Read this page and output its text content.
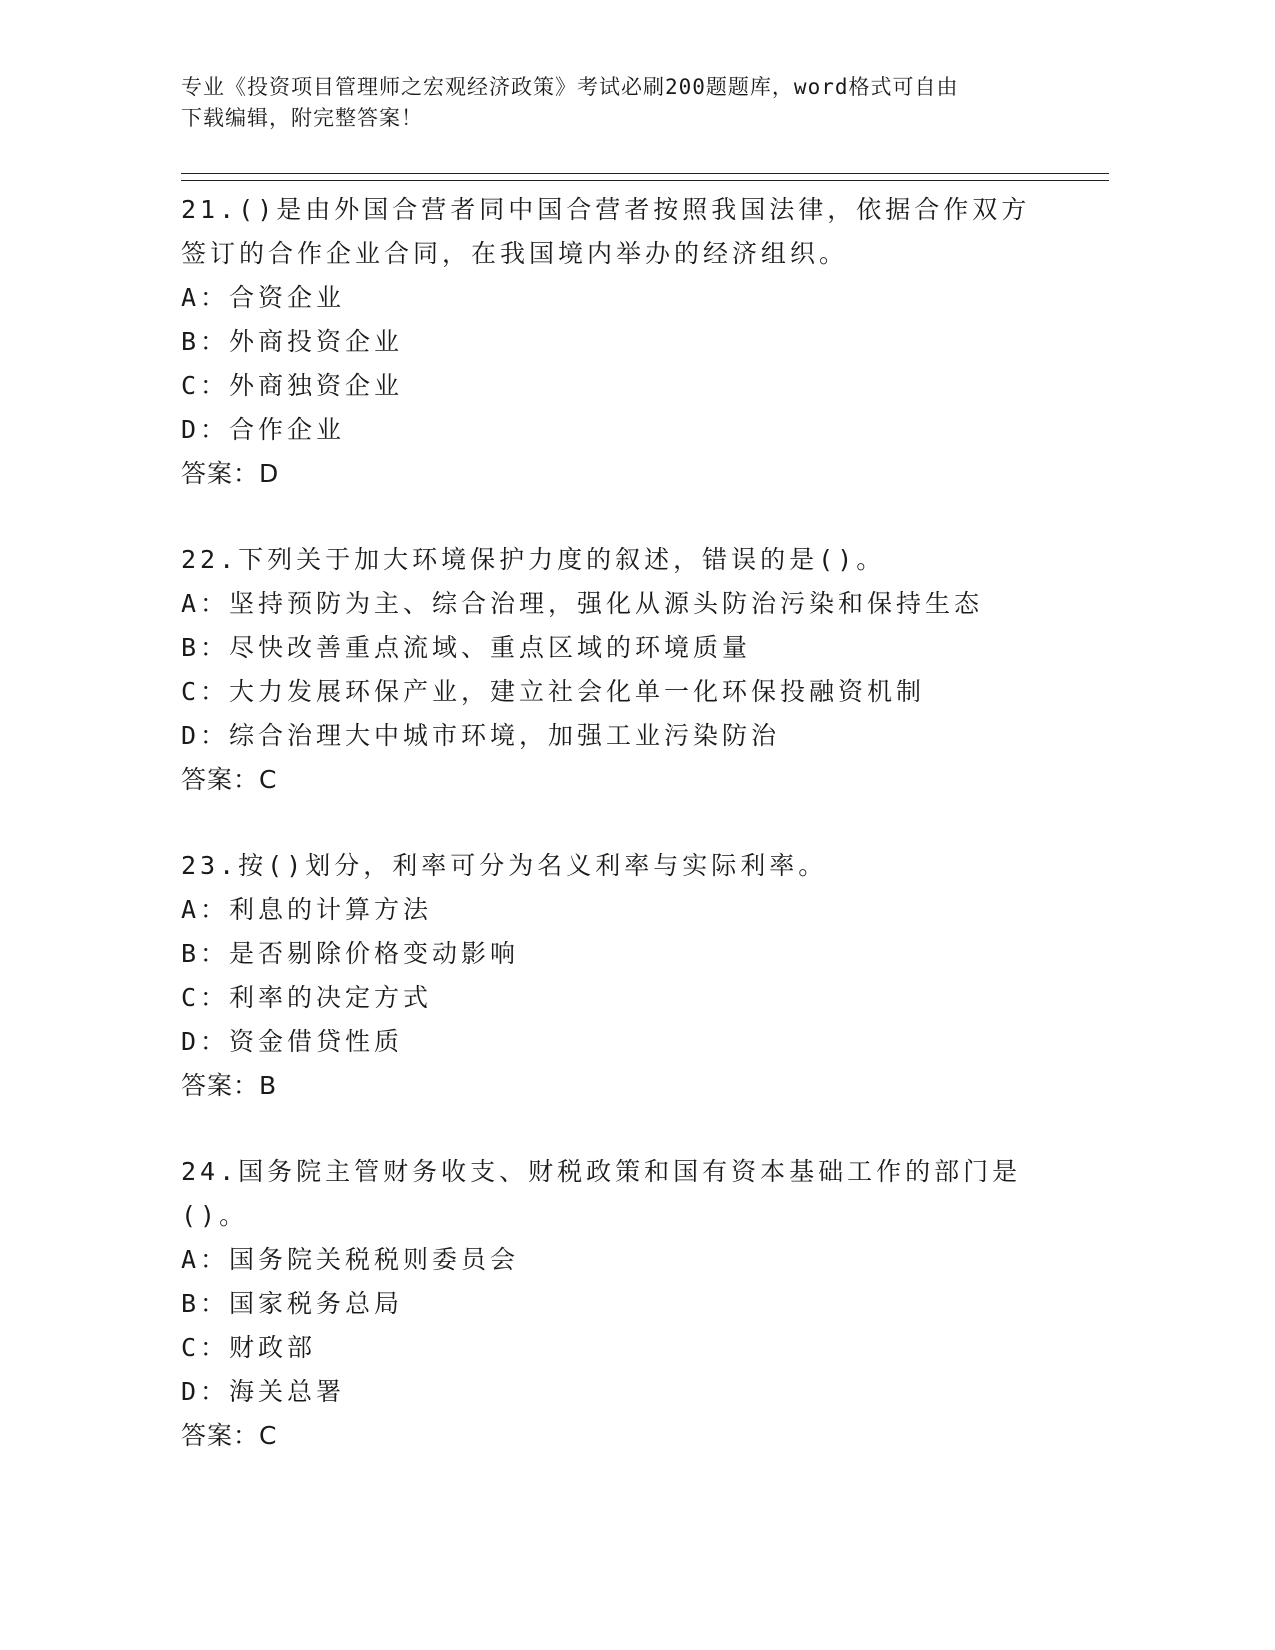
专业《投资项目管理师之宏观经济政策》考试必刷200题题库，word格式可自由
下载编辑，附完整答案！
21.()是由外国合营者同中国合营者按照我国法律，依据合作双方签订的合作企业合同，在我国境内举办的经济组织。
A：合资企业
B：外商投资企业
C：外商独资企业
D：合作企业
答案：D
22.下列关于加大环境保护力度的叙述，错误的是()。
A：坚持预防为主、综合治理，强化从源头防治污染和保持生态
B：尽快改善重点流域、重点区域的环境质量
C：大力发展环保产业，建立社会化单一化环保投融资机制
D：综合治理大中城市环境，加强工业污染防治
答案：C
23.按()划分，利率可分为名义利率与实际利率。
A：利息的计算方法
B：是否剔除价格变动影响
C：利率的决定方式
D：资金借贷性质
答案：B
24.国务院主管财务收支、财税政策和国有资本基础工作的部门是()。
A：国务院关税税则委员会
B：国家税务总局
C：财政部
D：海关总署
答案：C
